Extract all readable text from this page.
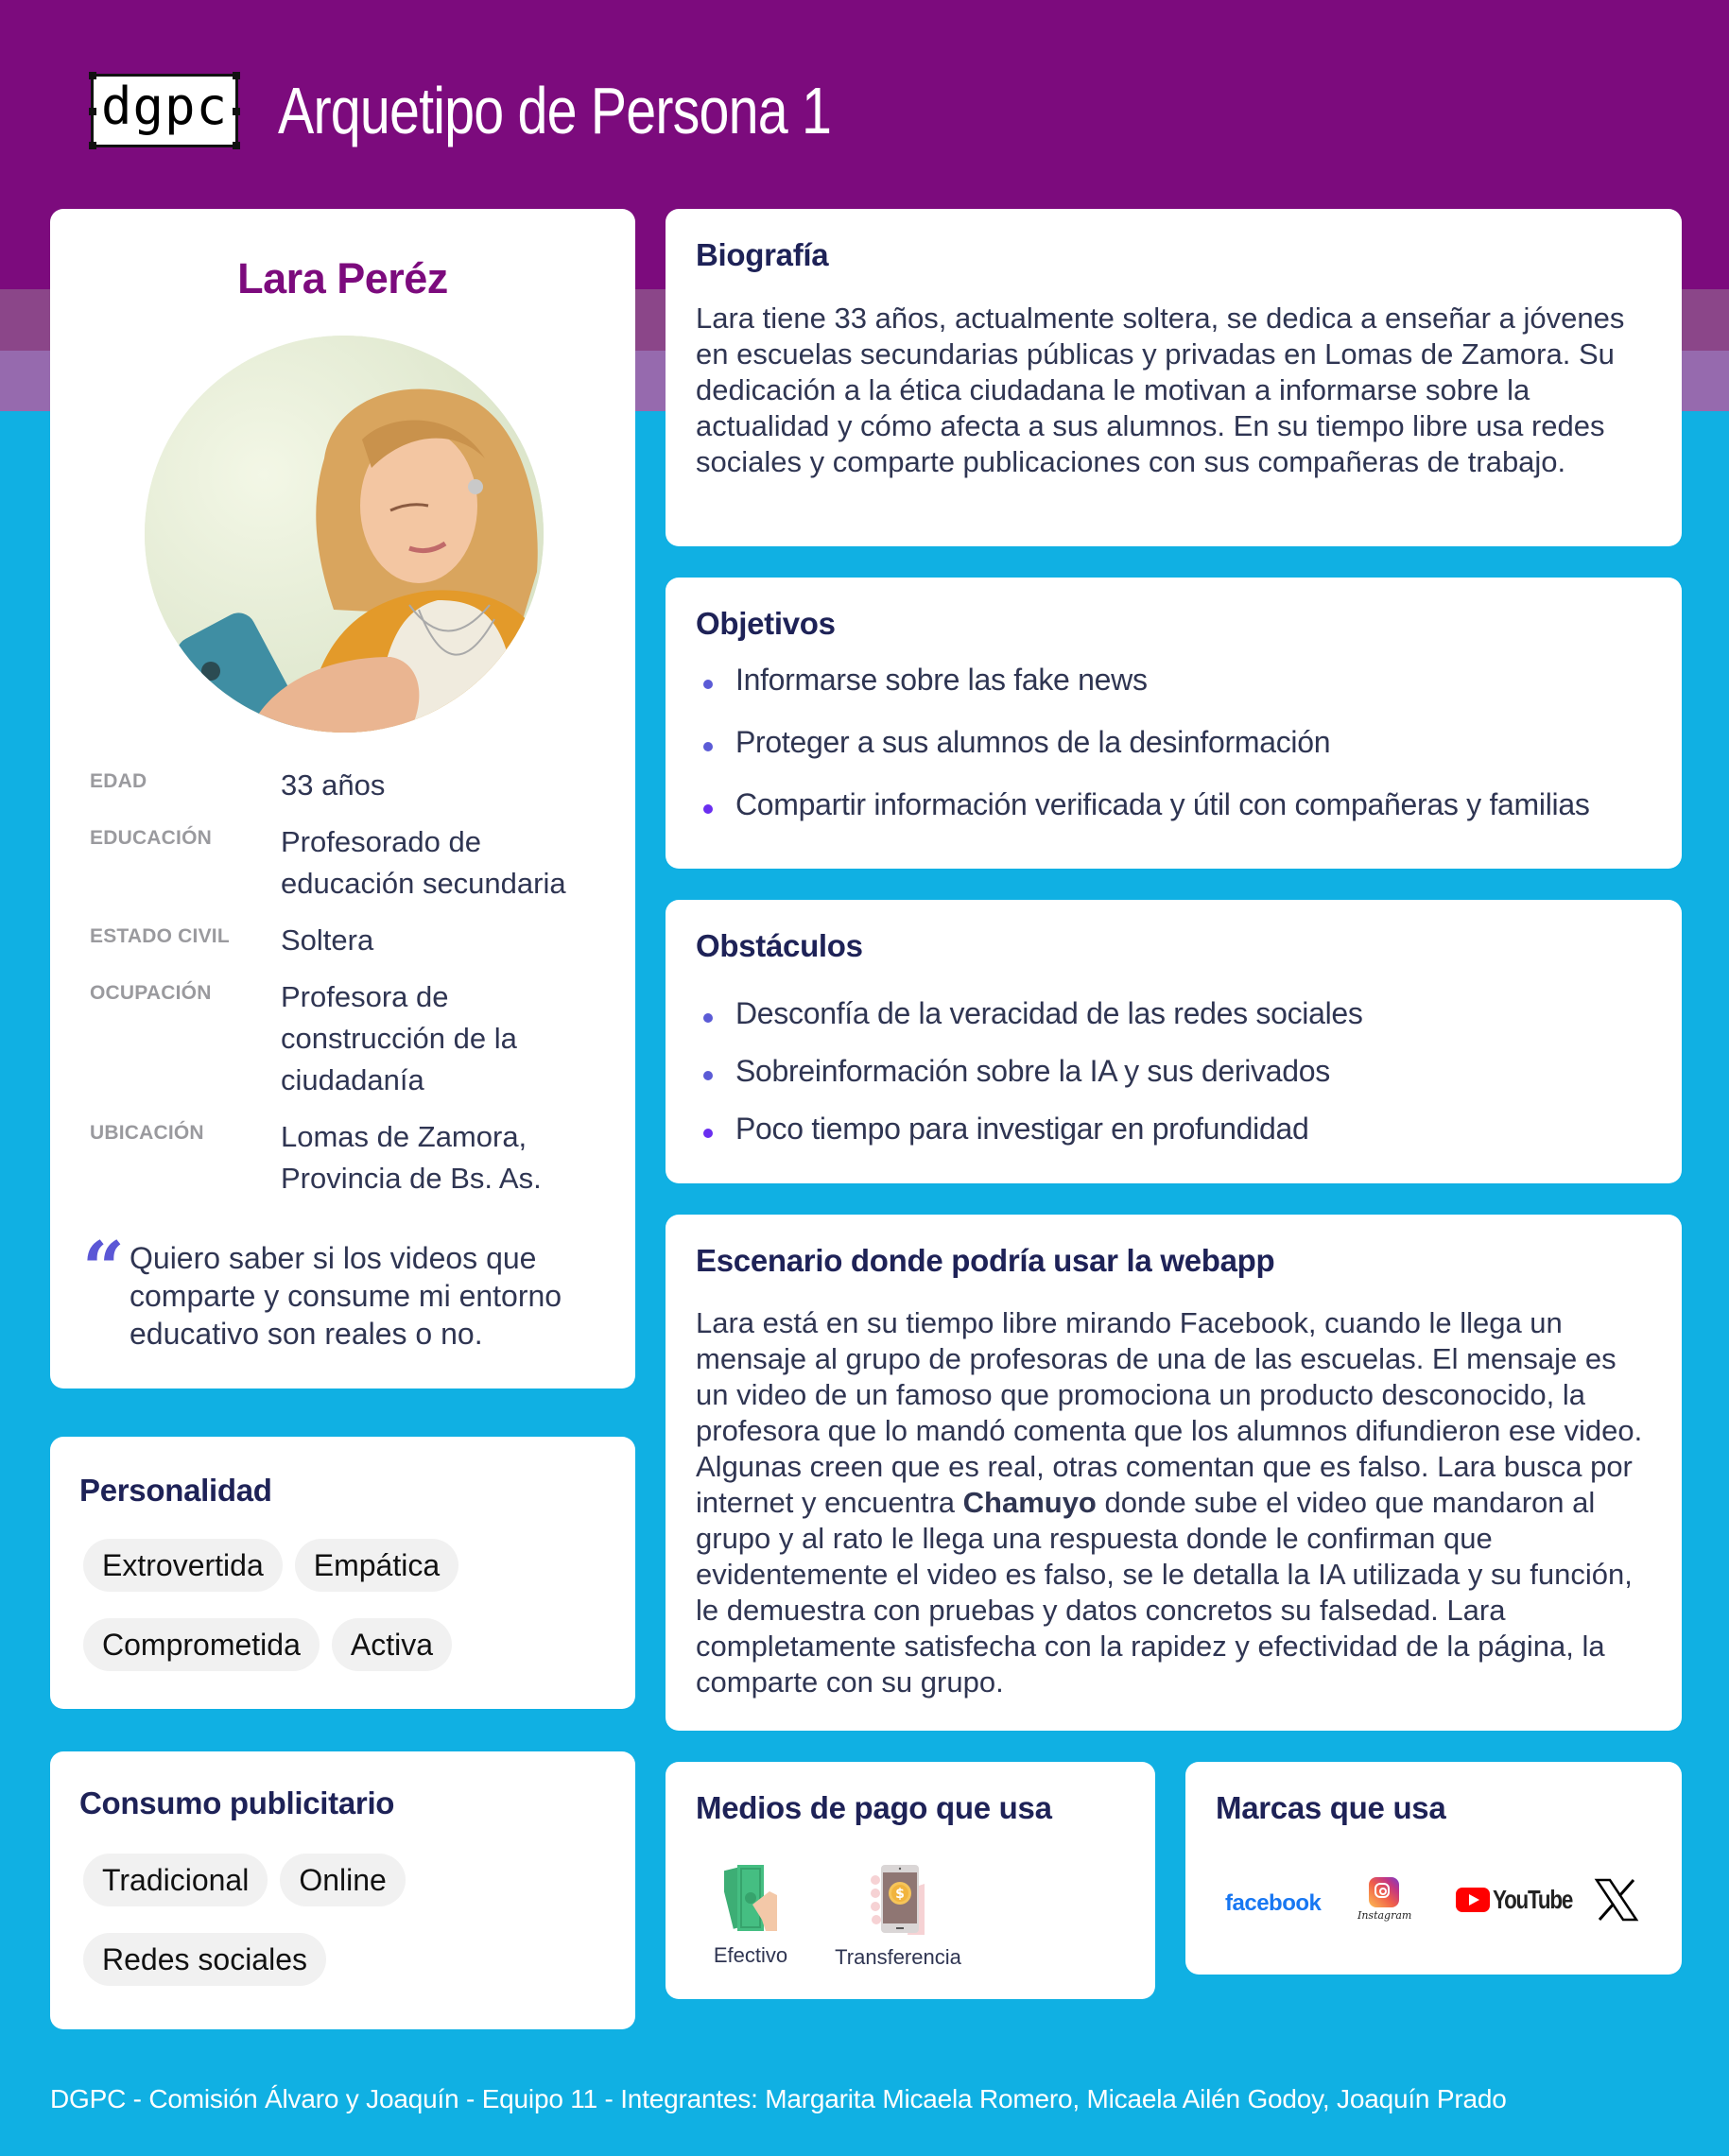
dgpc Arquetipo de Persona 1
Lara Peréz
EDAD	33 años
EDUCACIÓN	Profesorado de educación secundaria
ESTADO CIVIL	Soltera
OCUPACIÓN	Profesora de construcción de la ciudadanía
UBICACIÓN	Lomas de Zamora, Provincia de Bs. As.
“ Quiero saber si los videos que comparte y consume mi entorno educativo son reales o no.
Personalidad
Extrovertida	Empática
Comprometida	Activa
Consumo publicitario
Tradicional	Online
Redes sociales
Biografía
Lara tiene 33 años, actualmente soltera, se dedica a enseñar a jóvenes en escuelas secundarias públicas y privadas en Lomas de Zamora. Su dedicación a la ética ciudadana le motivan a informarse sobre la actualidad y cómo afecta a sus alumnos. En su tiempo libre usa redes sociales y comparte publicaciones con sus compañeras de trabajo.
Objetivos
Informarse sobre las fake news
Proteger a sus alumnos de la desinformación
Compartir información verificada y útil con compañeras y familias
Obstáculos
Desconfía de la veracidad de las redes sociales
Sobreinformación sobre la IA y sus derivados
Poco tiempo para investigar en profundidad
Escenario donde podría usar la webapp
Lara está en su tiempo libre mirando Facebook, cuando le llega un mensaje al grupo de profesoras de una de las escuelas. El mensaje es un video de un famoso que promociona un producto desconocido, la profesora que lo mandó comenta que los alumnos difundieron ese video. Algunas creen que es real, otras comentan que es falso. Lara busca por internet y encuentra Chamuyo donde sube el video que mandaron al grupo y al rato le llega una respuesta donde le confirman que evidentemente el video es falso, se le detalla la IA utilizada y su función, le demuestra con pruebas y datos concretos su falsedad. Lara completamente satisfecha con la rapidez y efectividad de la página, la comparte con su grupo.
Medios de pago que usa
Efectivo
$
Transferencia
Marcas que usa
facebook	Instagram
YouTube
DGPC - Comisión Álvaro y Joaquín - Equipo 11 - Integrantes: Margarita Micaela Romero, Micaela Ailén Godoy, Joaquín Prado
